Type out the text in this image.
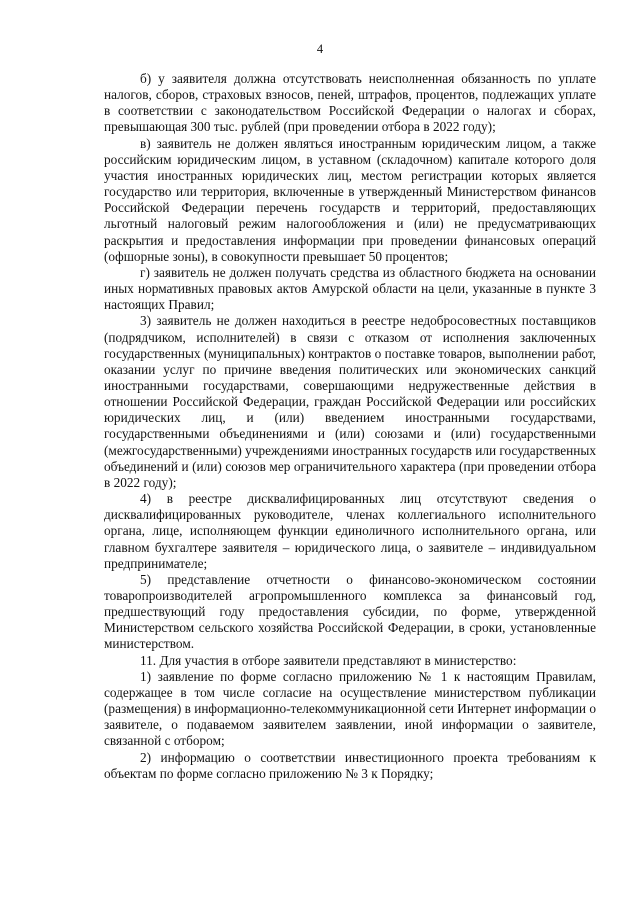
4

б) у заявителя должна отсутствовать неисполненная обязанность по уплате налогов, сборов, страховых взносов, пеней, штрафов, процентов, подлежащих уплате в соответствии с законодательством Российской Федерации о налогах и сборах, превышающая 300 тыс. рублей (при проведении отбора в 2022 году);

в) заявитель не должен являться иностранным юридическим лицом, а также российским юридическим лицом, в уставном (складочном) капитале которого доля участия иностранных юридических лиц, местом регистрации которых является государство или территория, включенные в утвержденный Министерством финансов Российской Федерации перечень государств и территорий, предоставляющих льготный налоговый режим налогообложения и (или) не предусматривающих раскрытия и предоставления информации при проведении финансовых операций (офшорные зоны), в совокупности превышает 50 процентов;

г) заявитель не должен получать средства из областного бюджета на основании иных нормативных правовых актов Амурской области на цели, указанные в пункте 3 настоящих Правил;

3) заявитель не должен находиться в реестре недобросовестных поставщиков (подрядчиком, исполнителей) в связи с отказом от исполнения заключенных государственных (муниципальных) контрактов о поставке товаров, выполнении работ, оказании услуг по причине введения политических или экономических санкций иностранными государствами, совершающими недружественные действия в отношении Российской Федерации, граждан Российской Федерации или российских юридических лиц, и (или) введением иностранными государствами, государственными объединениями и (или) союзами и (или) государственными (межгосударственными) учреждениями иностранных государств или государственных объединений и (или) союзов мер ограничительного характера (при проведении отбора в 2022 году);

4) в реестре дисквалифицированных лиц отсутствуют сведения о дисквалифицированных руководителе, членах коллегиального исполнительного органа, лице, исполняющем функции единоличного исполнительного органа, или главном бухгалтере заявителя – юридического лица, о заявителе – индивидуальном предпринимателе;

5) представление отчетности о финансово-экономическом состоянии товаропроизводителей агропромышленного комплекса за финансовый год, предшествующий году предоставления субсидии, по форме, утвержденной Министерством сельского хозяйства Российской Федерации, в сроки, установленные министерством.

11. Для участия в отборе заявители представляют в министерство:

1) заявление по форме согласно приложению № 1 к настоящим Правилам, содержащее в том числе согласие на осуществление министерством публикации (размещения) в информационно-телекоммуникационной сети Интернет информации о заявителе, о подаваемом заявителем заявлении, иной информации о заявителе, связанной с отбором;

2) информацию о соответствии инвестиционного проекта требованиям к объектам по форме согласно приложению № 3 к Порядку;
